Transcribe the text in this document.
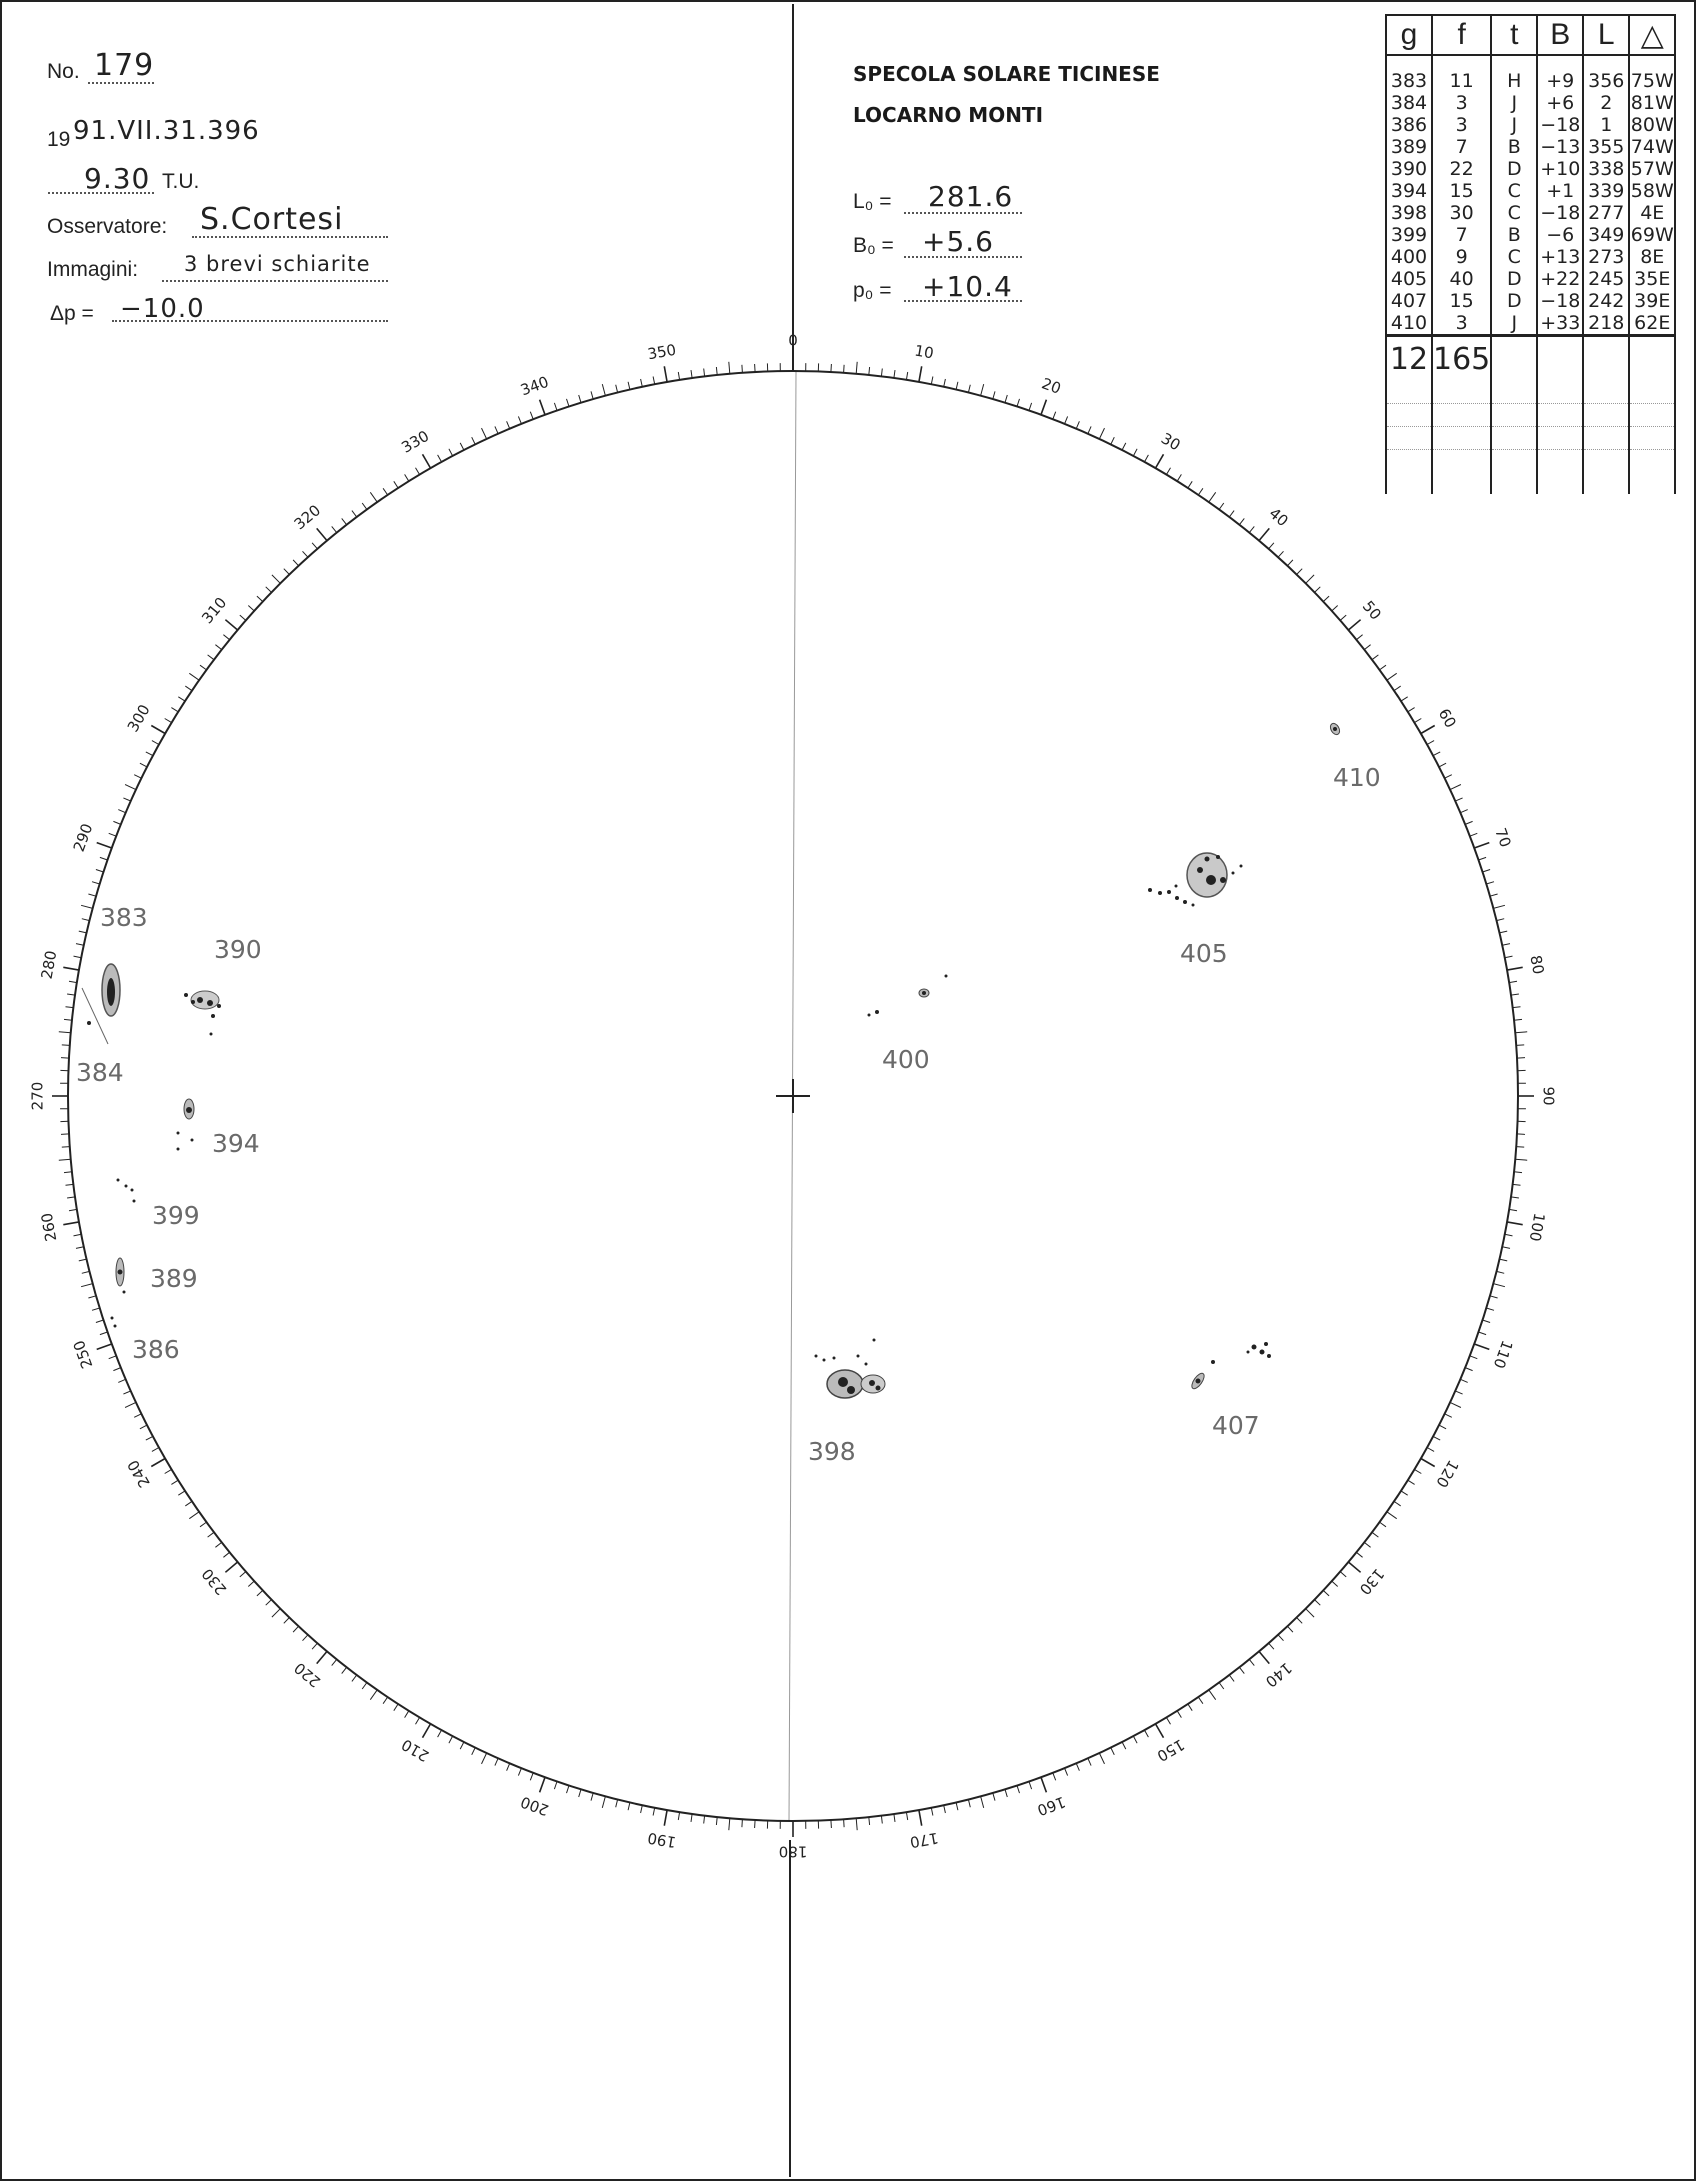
No. 179
19 91.VII.31.396
9.30 T.U.
Osservatore: S.Cortesi
Immagini: 3 brevi schiarite
Δp = −10.0
SPECOLA SOLARE TICINESE
LOCARNO MONTI
L₀ = 281.6
B₀ = +5.6
p₀ = +10.4
g	f	t	B	L	△
383	11	H	+9	356	75W
384	3	J	+6	2	81W
386	3	J	−18	1	80W
389	7	B	−13	355	74W
390	22	D	+10	338	57W
394	15	C	+1	339	58W
398	30	C	−18	277	4E
399	7	B	−6	349	69W
400	9	C	+13	273	8E
405	40	D	+22	245	35E
407	15	D	−18	242	39E
410	3	J	+33	218	62E
12	165				

0
10
20
30
40
50
60
70
80
90
100
110
120
130
140
150
160
170
180
190
200
210
220
230
240
250
260
270
280
290
300
310
320
330
340
350
383
384
390
394
399
389
386
398
400
405
407
410
